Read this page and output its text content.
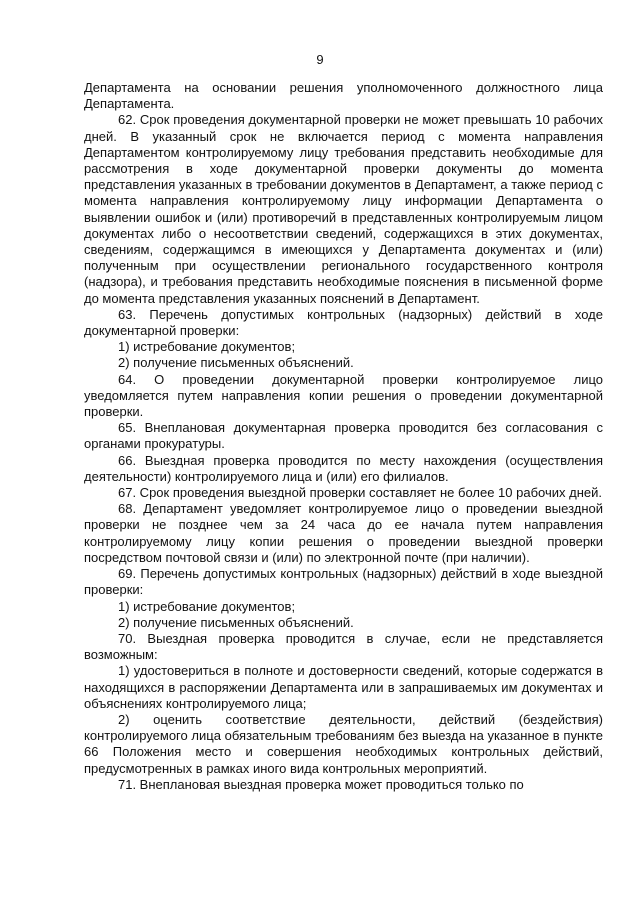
9

Департамента на основании решения уполномоченного должностного лица Департамента.

62. Срок проведения документарной проверки не может превышать 10 рабочих дней. В указанный срок не включается период с момента направления Департаментом контролируемому лицу требования представить необходимые для рассмотрения в ходе документарной проверки документы до момента представления указанных в требовании документов в Департамент, а также период с момента направления контролируемому лицу информации Департамента о выявлении ошибок и (или) противоречий в представленных контролируемым лицом документах либо о несоответствии сведений, содержащихся в этих документах, сведениям, содержащимся в имеющихся у Департамента документах и (или) полученным при осуществлении регионального государственного контроля (надзора), и требования представить необходимые пояснения в письменной форме до момента представления указанных пояснений в Департамент.

63. Перечень допустимых контрольных (надзорных) действий в ходе документарной проверки:

1) истребование документов;

2) получение письменных объяснений.

64. О проведении документарной проверки контролируемое лицо уведомляется путем направления копии решения о проведении документарной проверки.

65. Внеплановая документарная проверка проводится без согласования с органами прокуратуры.

66. Выездная проверка проводится по месту нахождения (осуществления деятельности) контролируемого лица и (или) его филиалов.

67. Срок проведения выездной проверки составляет не более 10 рабочих дней.

68. Департамент уведомляет контролируемое лицо о проведении выездной проверки не позднее чем за 24 часа до ее начала путем направления контролируемому лицу копии решения о проведении выездной проверки посредством почтовой связи и (или) по электронной почте (при наличии).

69. Перечень допустимых контрольных (надзорных) действий в ходе выездной проверки:

1) истребование документов;

2) получение письменных объяснений.

70. Выездная проверка проводится в случае, если не представляется возможным:

1) удостовериться в полноте и достоверности сведений, которые содержатся в находящихся в распоряжении Департамента или в запрашиваемых им документах и объяснениях контролируемого лица;

2) оценить соответствие деятельности, действий (бездействия) контролируемого лица обязательным требованиям без выезда на указанное в пункте 66 Положения место и совершения необходимых контрольных действий, предусмотренных в рамках иного вида контрольных мероприятий.

71. Внеплановая выездная проверка может проводиться только по
